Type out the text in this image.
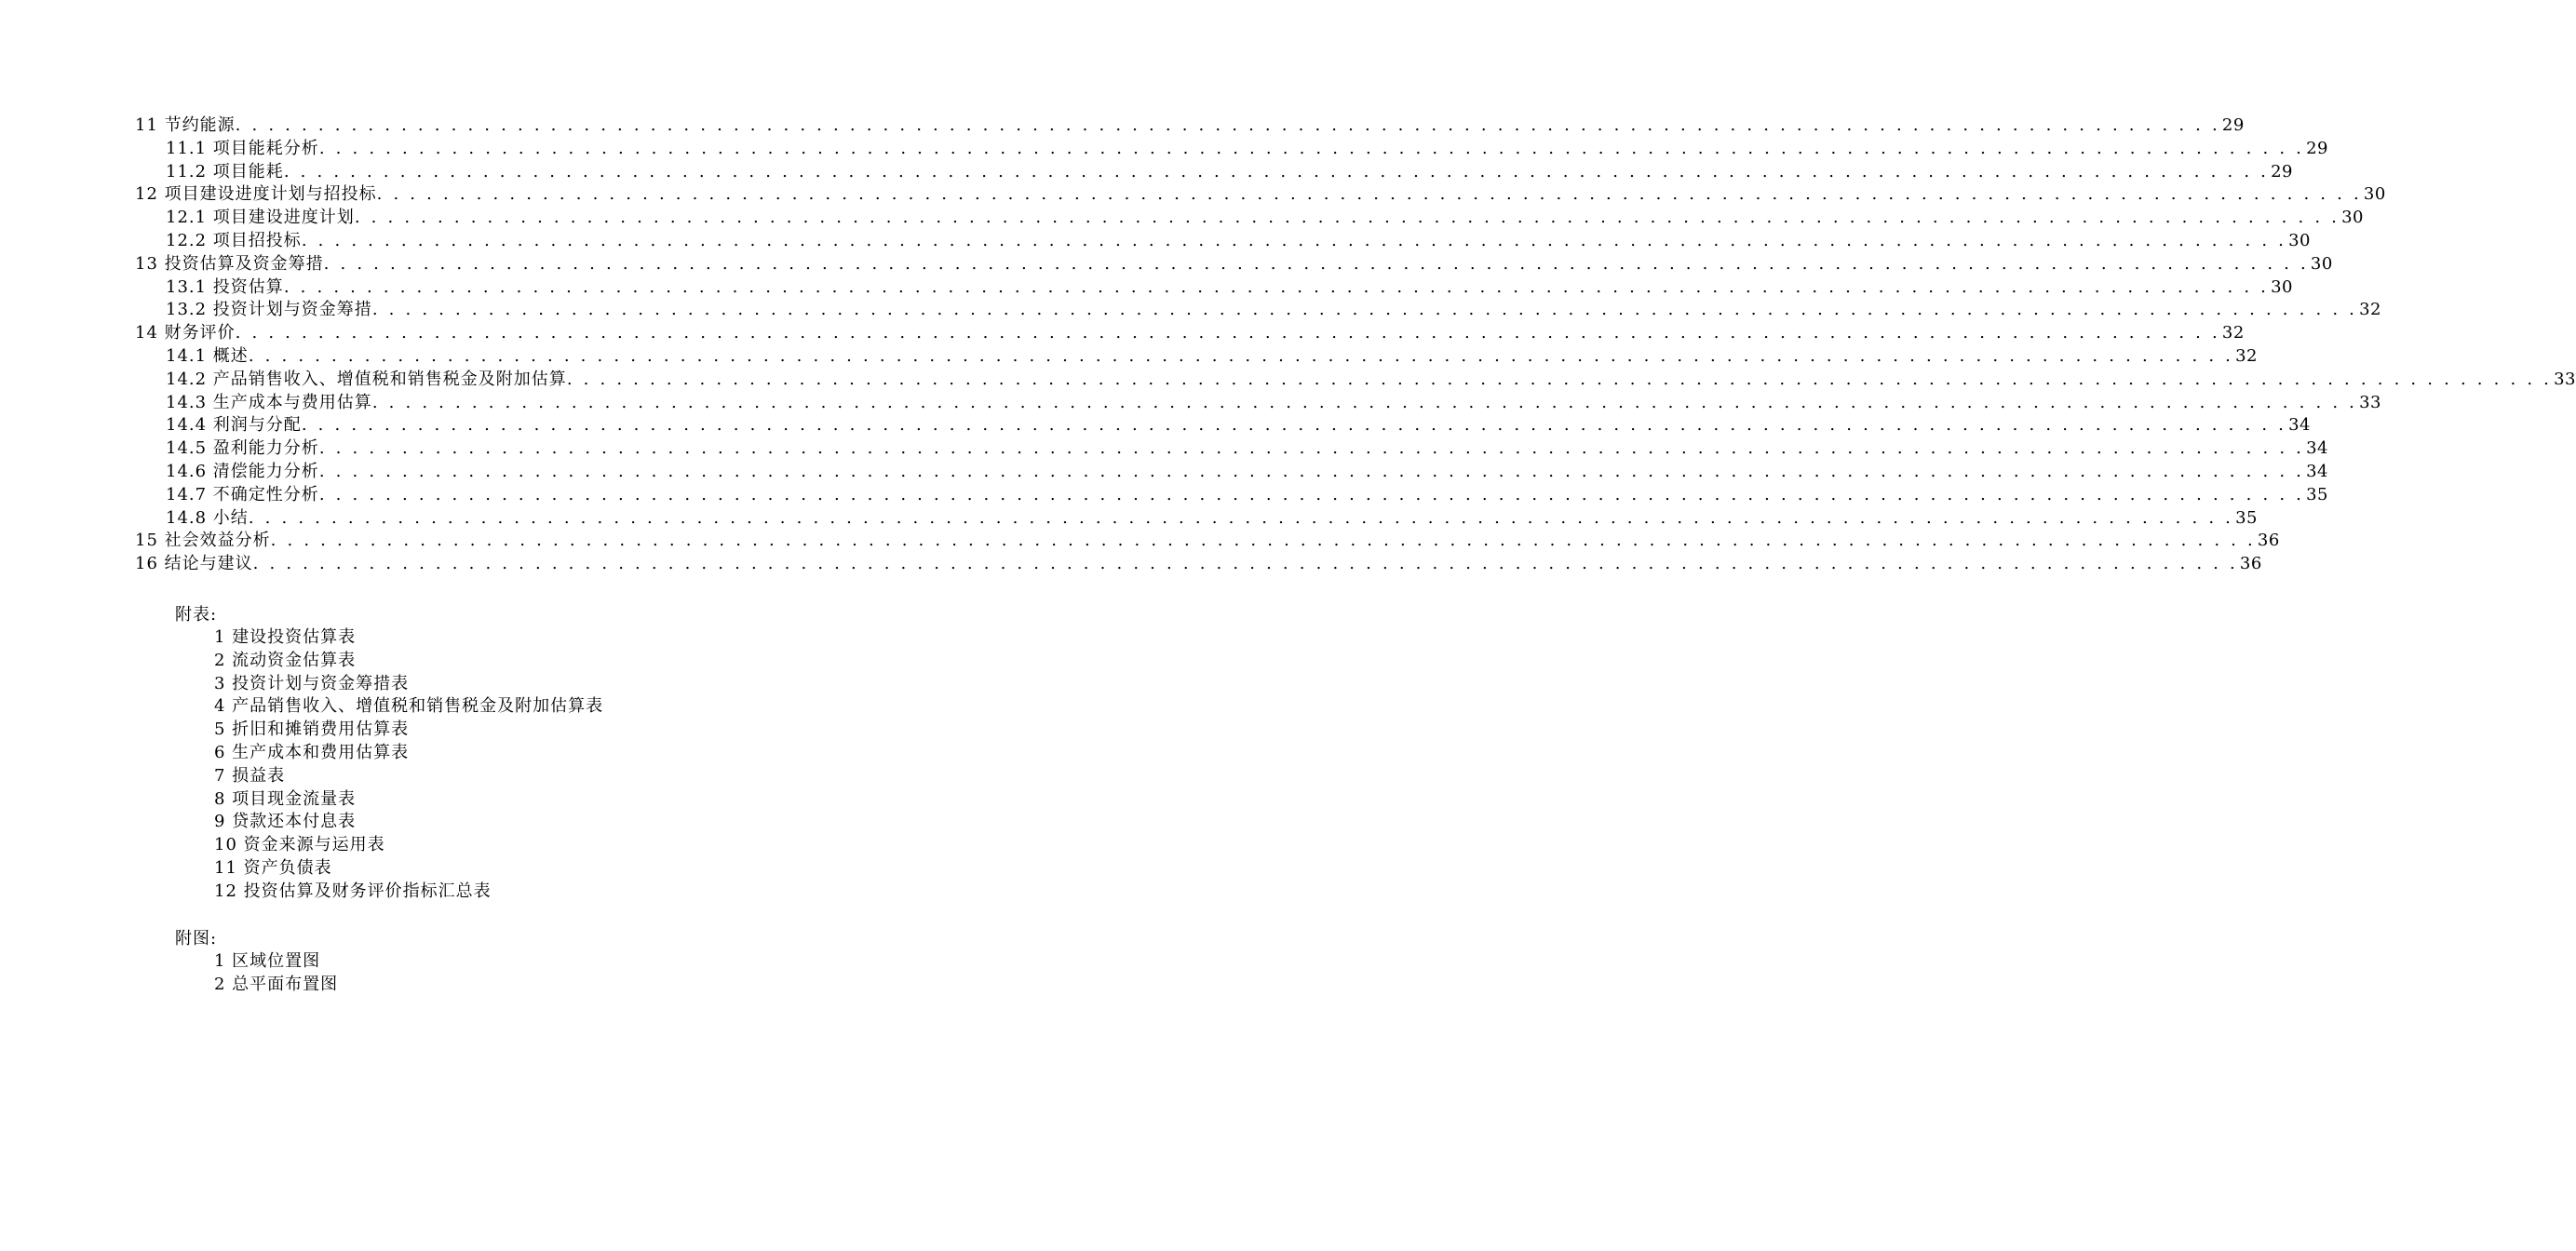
11 节约能源 . . . . . . . . . . . . . . . . . . . . . . . . . . . . . . . . . . . . . . . . . . . . . . . . . . . . . . . . . . . . . . . . . . . . . . . . . . . . . . . . . . . . . . . . . . . . . . . . . . . . . . . . . . . . . . . . . . . . . . . . 29
11.1 项目能耗分析 . . . . . . . . . . . . . . . . . . . . . . . . . . . . . . . . . . . . . . . . . . . . . . . . . . . . . . . . . . . . . . . . . . . . . . . . . . . . . . . . . . . . . . . . . . . . . . . . . . . . . . . . . . . . . . . . . . . . . . . . 29
11.2 项目能耗 . . . . . . . . . . . . . . . . . . . . . . . . . . . . . . . . . . . . . . . . . . . . . . . . . . . . . . . . . . . . . . . . . . . . . . . . . . . . . . . . . . . . . . . . . . . . . . . . . . . . . . . . . . . . . . . . . . . . . . . . 29
12 项目建设进度计划与招投标 . . . . . . . . . . . . . . . . . . . . . . . . . . . . . . . . . . . . . . . . . . . . . . . . . . . . . . . . . . . . . . . . . . . . . . . . . . . . . . . . . . . . . . . . . . . . . . . . . . . . . . . . . . . . . . . . . . . . . . . . 30
12.1 项目建设进度计划 . . . . . . . . . . . . . . . . . . . . . . . . . . . . . . . . . . . . . . . . . . . . . . . . . . . . . . . . . . . . . . . . . . . . . . . . . . . . . . . . . . . . . . . . . . . . . . . . . . . . . . . . . . . . . . . . . . . . . . . . 30
12.2 项目招投标 . . . . . . . . . . . . . . . . . . . . . . . . . . . . . . . . . . . . . . . . . . . . . . . . . . . . . . . . . . . . . . . . . . . . . . . . . . . . . . . . . . . . . . . . . . . . . . . . . . . . . . . . . . . . . . . . . . . . . . . . 30
13 投资估算及资金筹措 . . . . . . . . . . . . . . . . . . . . . . . . . . . . . . . . . . . . . . . . . . . . . . . . . . . . . . . . . . . . . . . . . . . . . . . . . . . . . . . . . . . . . . . . . . . . . . . . . . . . . . . . . . . . . . . . . . . . . . . . 30
13.1 投资估算 . . . . . . . . . . . . . . . . . . . . . . . . . . . . . . . . . . . . . . . . . . . . . . . . . . . . . . . . . . . . . . . . . . . . . . . . . . . . . . . . . . . . . . . . . . . . . . . . . . . . . . . . . . . . . . . . . . . . . . . . 30
13.2 投资计划与资金筹措 . . . . . . . . . . . . . . . . . . . . . . . . . . . . . . . . . . . . . . . . . . . . . . . . . . . . . . . . . . . . . . . . . . . . . . . . . . . . . . . . . . . . . . . . . . . . . . . . . . . . . . . . . . . . . . . . . . . . . . . . 32
14 财务评价 . . . . . . . . . . . . . . . . . . . . . . . . . . . . . . . . . . . . . . . . . . . . . . . . . . . . . . . . . . . . . . . . . . . . . . . . . . . . . . . . . . . . . . . . . . . . . . . . . . . . . . . . . . . . . . . . . . . . . . . . 32
14.1 概述 . . . . . . . . . . . . . . . . . . . . . . . . . . . . . . . . . . . . . . . . . . . . . . . . . . . . . . . . . . . . . . . . . . . . . . . . . . . . . . . . . . . . . . . . . . . . . . . . . . . . . . . . . . . . . . . . . . . . . . . . 32
14.2 产品销售收入、增值税和销售税金及附加估算 . . . . . . . . . . . . . . . . . . . . . . . . . . . . . . . . . . . . . . . . . . . . . . . . . . . . . . . . . . . . . . . . . . . . . . . . . . . . . . . . . . . . . . . . . . . . . . . . . . . . . . . . . . . . . . . . . . . . . . . . 33
14.3 生产成本与费用估算 . . . . . . . . . . . . . . . . . . . . . . . . . . . . . . . . . . . . . . . . . . . . . . . . . . . . . . . . . . . . . . . . . . . . . . . . . . . . . . . . . . . . . . . . . . . . . . . . . . . . . . . . . . . . . . . . . . . . . . . . 33
14.4 利润与分配 . . . . . . . . . . . . . . . . . . . . . . . . . . . . . . . . . . . . . . . . . . . . . . . . . . . . . . . . . . . . . . . . . . . . . . . . . . . . . . . . . . . . . . . . . . . . . . . . . . . . . . . . . . . . . . . . . . . . . . . . 34
14.5 盈利能力分析 . . . . . . . . . . . . . . . . . . . . . . . . . . . . . . . . . . . . . . . . . . . . . . . . . . . . . . . . . . . . . . . . . . . . . . . . . . . . . . . . . . . . . . . . . . . . . . . . . . . . . . . . . . . . . . . . . . . . . . . . 34
14.6 清偿能力分析 . . . . . . . . . . . . . . . . . . . . . . . . . . . . . . . . . . . . . . . . . . . . . . . . . . . . . . . . . . . . . . . . . . . . . . . . . . . . . . . . . . . . . . . . . . . . . . . . . . . . . . . . . . . . . . . . . . . . . . . . 34
14.7 不确定性分析 . . . . . . . . . . . . . . . . . . . . . . . . . . . . . . . . . . . . . . . . . . . . . . . . . . . . . . . . . . . . . . . . . . . . . . . . . . . . . . . . . . . . . . . . . . . . . . . . . . . . . . . . . . . . . . . . . . . . . . . . 35
14.8 小结 . . . . . . . . . . . . . . . . . . . . . . . . . . . . . . . . . . . . . . . . . . . . . . . . . . . . . . . . . . . . . . . . . . . . . . . . . . . . . . . . . . . . . . . . . . . . . . . . . . . . . . . . . . . . . . . . . . . . . . . . 35
15 社会效益分析 . . . . . . . . . . . . . . . . . . . . . . . . . . . . . . . . . . . . . . . . . . . . . . . . . . . . . . . . . . . . . . . . . . . . . . . . . . . . . . . . . . . . . . . . . . . . . . . . . . . . . . . . . . . . . . . . . . . . . . . . 36
16 结论与建议 . . . . . . . . . . . . . . . . . . . . . . . . . . . . . . . . . . . . . . . . . . . . . . . . . . . . . . . . . . . . . . . . . . . . . . . . . . . . . . . . . . . . . . . . . . . . . . . . . . . . . . . . . . . . . . . . . . . . . . . . 36
附表:
1 建设投资估算表
2 流动资金估算表
3 投资计划与资金筹措表
4 产品销售收入、增值税和销售税金及附加估算表
5 折旧和摊销费用估算表
6 生产成本和费用估算表
7 损益表
8 项目现金流量表
9 贷款还本付息表
10 资金来源与运用表
11 资产负债表
12 投资估算及财务评价指标汇总表
附图:
1 区域位置图
2 总平面布置图
